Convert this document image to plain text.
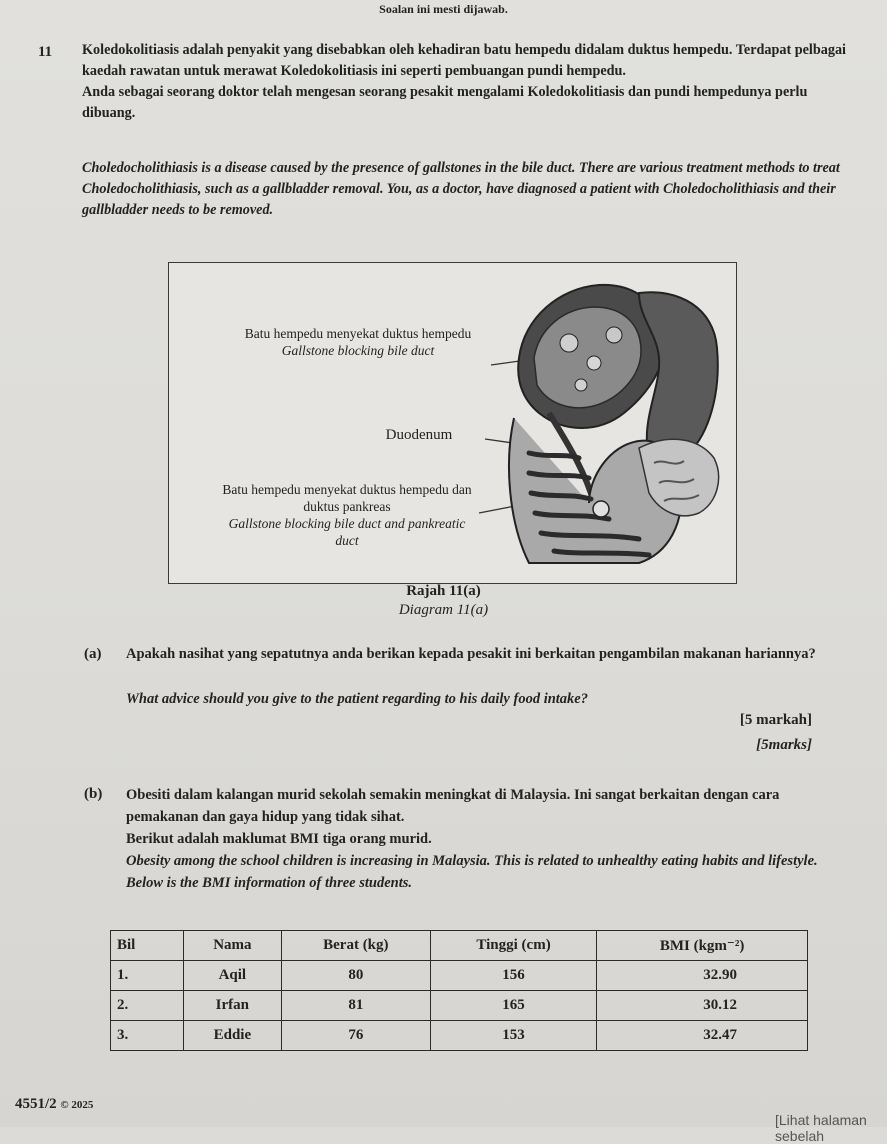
Soalan ini mesti dijawab.
11 Koledokolitiasis adalah penyakit yang disebabkan oleh kehadiran batu hempedu didalam duktus hempedu. Terdapat pelbagai kaedah rawatan untuk merawat Koledokolitiasis ini seperti pembuangan pundi hempedu.
Anda sebagai seorang doktor telah mengesan seorang pesakit mengalami Koledokolitiasis dan pundi hempedunya perlu dibuang.
Choledocholithiasis is a disease caused by the presence of gallstones in the bile duct. There are various treatment methods to treat Choledocholithiasis, such as a gallbladder removal. You, as a doctor, have diagnosed a patient with Choledocholithiasis and their gallbladder needs to be removed.
Batu hempedu menyekat duktus hempedu
Gallstone blocking bile duct
Duodenum
Batu hempedu menyekat duktus hempedu dan duktus pankreas
Gallstone blocking bile duct and pankreatic duct
Rajah 11(a)
Diagram 11(a)
(a) Apakah nasihat yang sepatutnya anda berikan kepada pesakit ini berkaitan pengambilan makanan hariannya?
What advice should you give to the patient regarding to his daily food intake?
[5 markah]
[5marks]
(b) Obesiti dalam kalangan murid sekolah semakin meningkat di Malaysia. Ini sangat berkaitan dengan cara pemakanan dan gaya hidup yang tidak sihat.
Berikut adalah maklumat BMI tiga orang murid.
Obesity among the school children is increasing in Malaysia. This is related to unhealthy eating habits and lifestyle. Below is the BMI information of three students.
Bil	Nama	Berat (kg)	Tinggi (cm)	BMI (kgm⁻²)
1.	Aqil	80	156	32.90
2.	Irfan	81	165	30.12
3.	Eddie	76	153	32.47
4551/2 © 2025
[Lihat halaman sebelah
